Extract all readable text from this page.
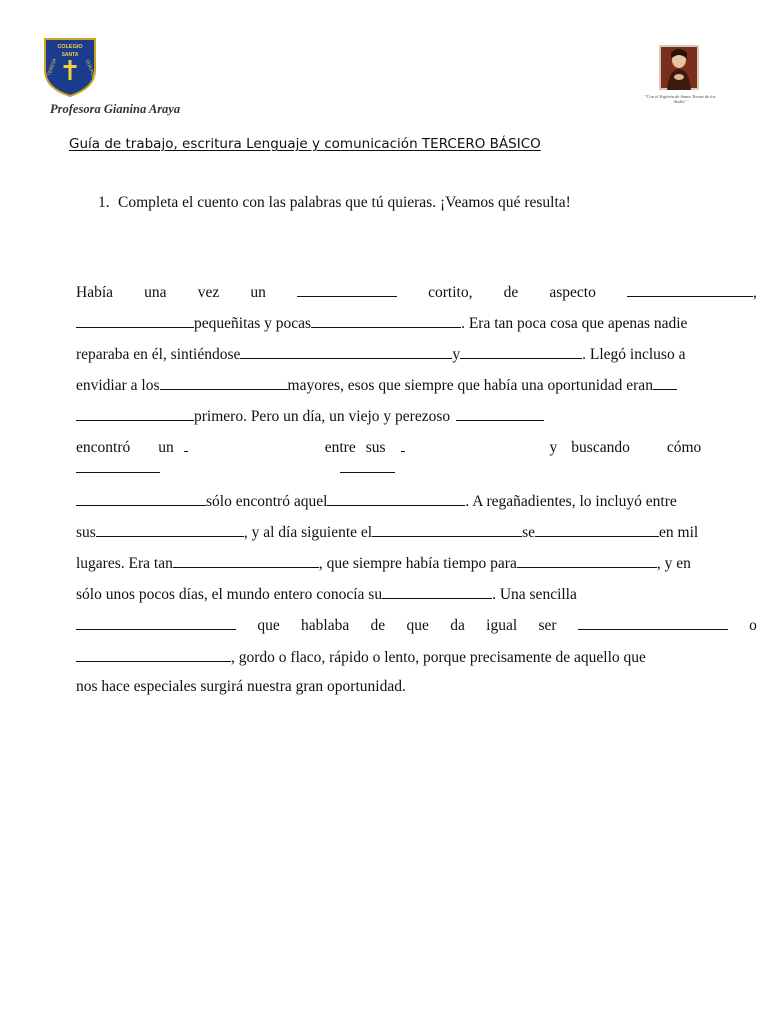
COLEGIO
SANTA
TERESA	QUILPUE
Profesora Gianina Araya
"Con el Espíritu de Santa Teresa de los Andes"
Guía de trabajo, escritura Lenguaje y comunicación TERCERO BÁSICO
1. Completa el cuento con las palabras que tú quieras. ¡Veamos qué resulta!
Había una vez un	cortito, de aspecto	,
pequeñitas y pocas	. Era tan poca cosa que apenas nadie
reparaba en él, sintiéndose	y	. Llegó incluso a
envidiar a los	mayores, esos que siempre que había una oportunidad eran
primero. Pero un día, un viejo y perezoso
encontró un	entre sus	y buscando cómo
sólo encontró aquel	. A regañadientes, lo incluyó entre
sus	, y al día siguiente el	se	en mil
lugares. Era tan	, que siempre había tiempo para	, y en
sólo unos pocos días, el mundo entero conocía su	. Una sencilla
que hablaba de que da igual ser	o
, gordo o flaco, rápido o lento, porque precisamente de aquello que
nos hace especiales surgirá nuestra gran oportunidad.
